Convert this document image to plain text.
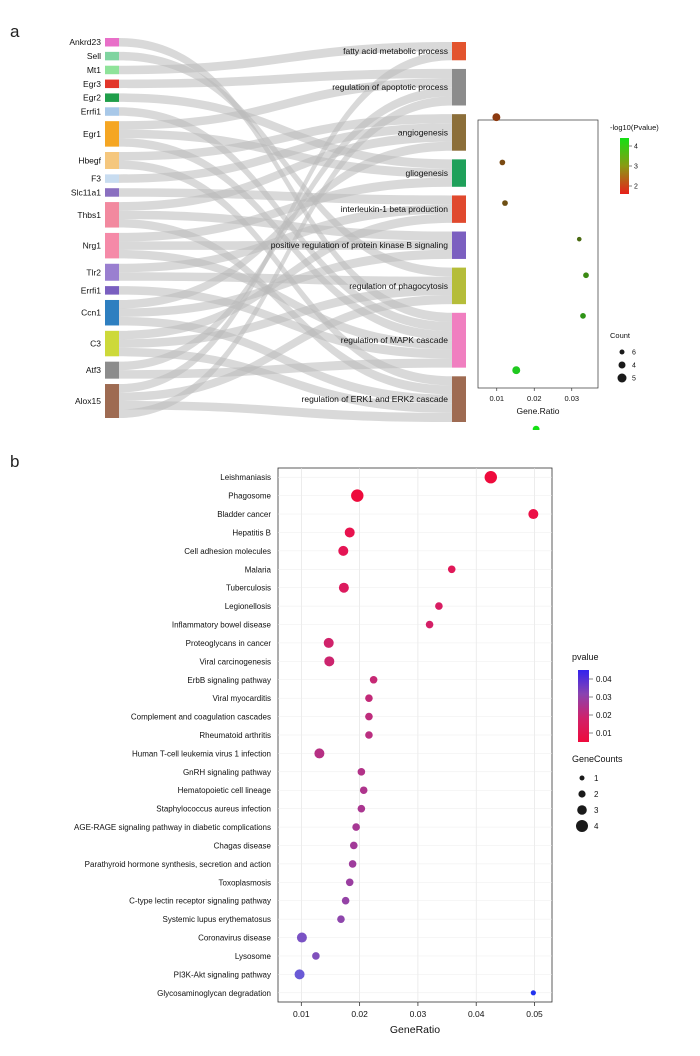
a
b
Ankrd23
Sell
Mt1
Egr3
Egr2
Errfi1
Egr1
Hbegf
F3
Slc11a1
Thbs1
Nrg1
Tlr2
Errfi1
Ccn1
C3
Atf3
Alox15
fatty acid metabolic process
regulation of apoptotic process
angiogenesis
gliogenesis
interleukin-1 beta production
positive regulation of protein kinase B signaling
regulation of phagocytosis
regulation of MAPK cascade
regulation of ERK1 and ERK2 cascade	0.01	0.02	0.03
Gene.Ratio
-log10(Pvalue)
4
3
2
Count
6
4
5
0.01	0.02	0.03	0.04	0.05
GeneRatio
Leishmaniasis
Phagosome
Bladder cancer
Hepatitis B
Cell adhesion molecules
Malaria
Tuberculosis
Legionellosis
Inflammatory bowel disease
Proteoglycans in cancer
Viral carcinogenesis
ErbB signaling pathway
Viral myocarditis
Complement and coagulation cascades
Rheumatoid arthritis
Human T-cell leukemia virus 1 infection
GnRH signaling pathway
Hematopoietic cell lineage
Staphylococcus aureus infection
AGE-RAGE signaling pathway in diabetic complications
Chagas disease
Parathyroid hormone synthesis, secretion and action
Toxoplasmosis
C-type lectin receptor signaling pathway
Systemic lupus erythematosus
Coronavirus disease
Lysosome
PI3K-Akt signaling pathway
Glycosaminoglycan degradation
pvalue
0.04
0.03
0.02
0.01
GeneCounts
1
2
3
4
